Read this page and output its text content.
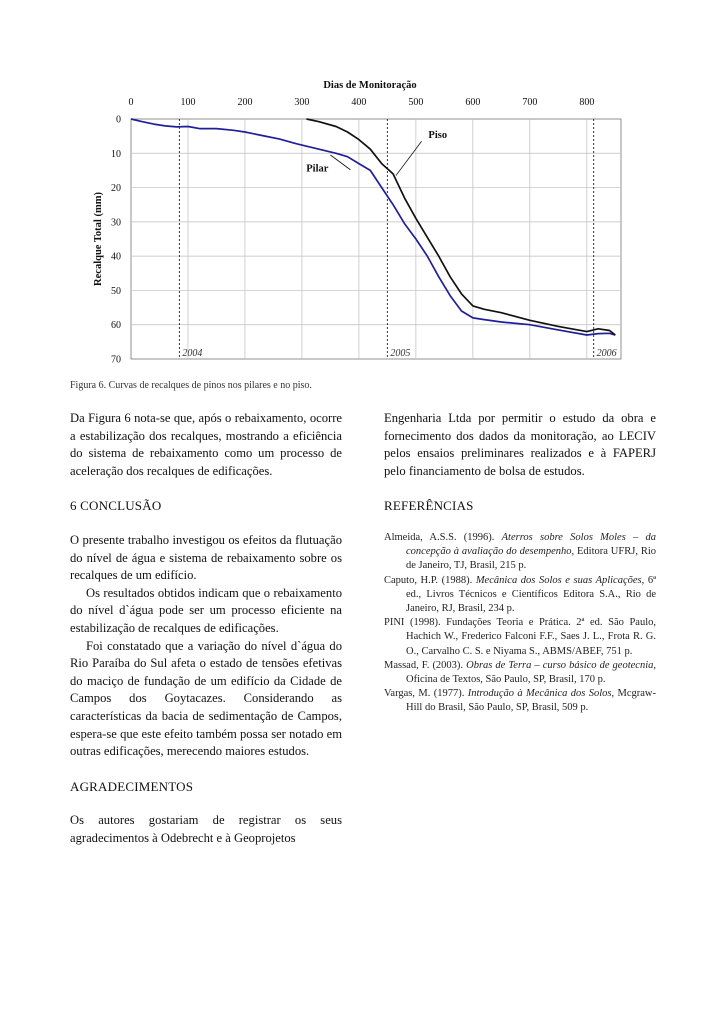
0	100	200	300	400	500	600	700	800
0
10
20
30
40
50
60
70
Dias de Monitoração
Recalque Total (mm)
2004	2005	2006
Pilar
Piso
Figura 6. Curvas de recalques de pinos nos pilares e no piso.

Da Figura 6 nota-se que, após o rebaixamento, ocorre a estabilização dos recalques, mostrando a eficiência do sistema de rebaixamento como um processo de aceleração dos recalques de edificações.

6 CONCLUSÃO

O presente trabalho investigou os efeitos da flutuação do nível de água e sistema de rebaixamento sobre os recalques de um edifício.

Os resultados obtidos indicam que o rebaixamento do nível d`água pode ser um processo eficiente na estabilização de recalques de edificações.

Foi constatado que a variação do nível d`água do Rio Paraíba do Sul afeta o estado de tensões efetivas do maciço de fundação de um edifício da Cidade de Campos dos Goytacazes. Considerando as características da bacia de sedimentação de Campos, espera-se que este efeito também possa ser notado em outras edificações, merecendo maiores estudos.

AGRADECIMENTOS

Os autores gostariam de registrar os seus agradecimentos à Odebrecht e à Geoprojetos

Engenharia Ltda por permitir o estudo da obra e fornecimento dos dados da monitoração, ao LECIV pelos ensaios preliminares realizados e à FAPERJ pelo financiamento de bolsa de estudos.

REFERÊNCIAS

Almeida, A.S.S. (1996). Aterros sobre Solos Moles – da concepção à avaliação do desempenho, Editora UFRJ, Rio de Janeiro, TJ, Brasil, 215 p.

Caputo, H.P. (1988). Mecânica dos Solos e suas Aplicações, 6ª ed., Livros Técnicos e Científicos Editora S.A., Rio de Janeiro, RJ, Brasil, 234 p.

PINI (1998). Fundações Teoria e Prática. 2ª ed. São Paulo, Hachich W., Frederico Falconi F.F., Saes J. L., Frota R. G. O., Carvalho C. S. e Niyama S., ABMS/ABEF, 751 p.

Massad, F. (2003). Obras de Terra – curso básico de geotecnia, Oficina de Textos, São Paulo, SP, Brasil, 170 p.

Vargas, M. (1977). Introdução à Mecânica dos Solos, Mcgraw-Hill do Brasil, São Paulo, SP, Brasil, 509 p.
